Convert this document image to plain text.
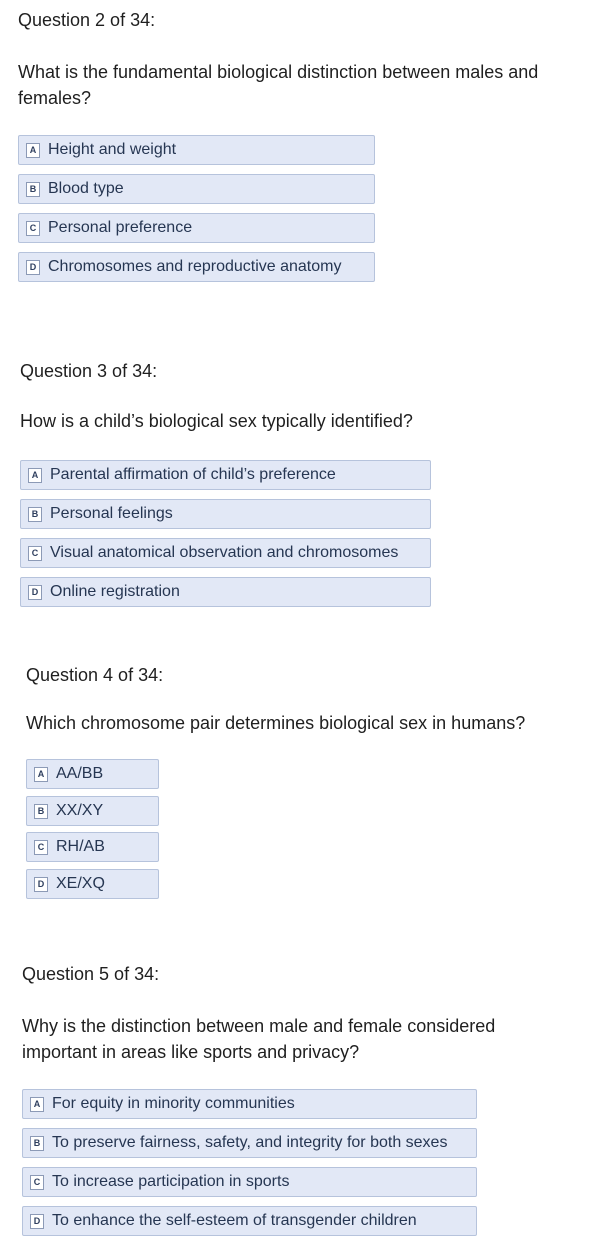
Question 2 of 34:
What is the fundamental biological distinction between males and females?
A Height and weight
B Blood type
C Personal preference
D Chromosomes and reproductive anatomy
Question 3 of 34:
How is a child’s biological sex typically identified?
A Parental affirmation of child’s preference
B Personal feelings
C Visual anatomical observation and chromosomes
D Online registration
Question 4 of 34:
Which chromosome pair determines biological sex in humans?
A AA/BB
B XX/XY
C RH/AB
D XE/XQ
Question 5 of 34:
Why is the distinction between male and female considered important in areas like sports and privacy?
A For equity in minority communities
B To preserve fairness, safety, and integrity for both sexes
C To increase participation in sports
D To enhance the self-esteem of transgender children
